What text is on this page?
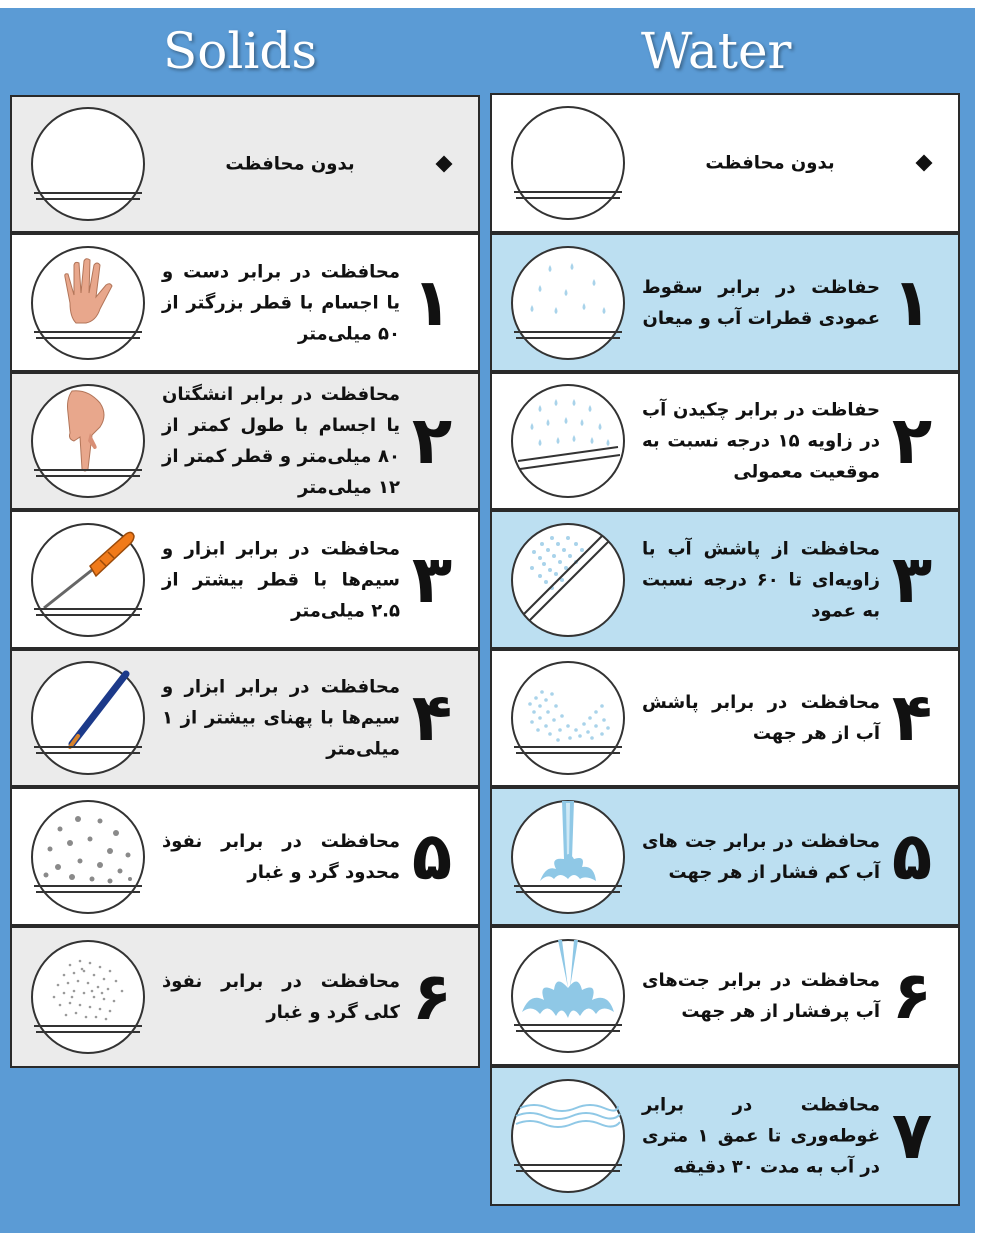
Solids	Water
بدون محافظت
محافظت در برابر دست و یا اجسام با قطر بزرگتر از ۵۰ میلی‌متر ۱
محافظت در برابر انشگتان یا اجسام با طول کمتر از ۸۰ میلی‌متر و قطر کمتر از ۱۲ میلی‌متر
۲
محافظت در برابر ابزار و سیم‌ها با قطر بیشتر از ۲.۵ میلی‌متر ۳
محافظت در برابر ابزار و سیم‌ها با پهنای بیشتر از ۱ میلی‌متر ۴
محافظت در برابر نفوذ محدود گرد و غبار ۵
محافظت در برابر نفوذ کلی گرد و غبار ۶
بدون محافظت
حفاظت در برابر سقوط عمودی قطرات آب و میعان ۱
حفاظت در برابر چکیدن آب در زاویه ۱۵ درجه نسبت به موقعیت معمولی ۲
محافظت از پاشش آب با زاویه‌ای تا ۶۰ درجه نسبت به عمود ۳
محافظت در برابر پاشش آب از هر جهت ۴
محافظت در برابر جت های آب کم فشار از هر جهت ۵
محافظت در برابر جت‌های آب پرفشار از هر جهت ۶
محافظت در برابر غوطه‌وری تا عمق ۱ متری در آب به مدت ۳۰ دقیقه ۷
